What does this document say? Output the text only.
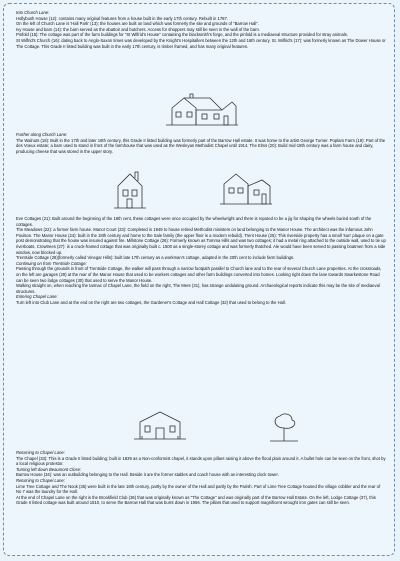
Into Church Lane:

Hollybush House (12): contains many original features from a house built in the early 17th century. Rebuilt in 1787.

On the left of Church Lane is 'Hall Park' (13); the houses are built on land which was formerly the site and grounds of "Barrow Hall".

Ivy House and barn (14): the barn served as the abattoir and butchers. Access for shoppers may still be seen in the wall of the barn.

Pinfold (15): The cottage was part of the farm buildings for "St Wilfrid's House" containing the blacksmith's forge, and the pinfold is a mediaeval structure provided for stray animals.

St Wilfrid's Church (16): dating back to Anglo-Saxon times was developed by the Knight's Hospitallers between the 12th and 16th century. St. Wilfrid's (17): was formerly known as The Dower House or The Cottage. This Grade II listed building was built in the early 17th century, is timber framed, and has many original features.

Further along Church Lane:

The Walnuts (18): Built in the 17th and later 18th century, this Grade II listed building was formerly part of the Barrow Hall estate. It was home to the artist George Turner. Poplars Farm (19): Part of the des Voeux estate; a barn used to stand in front of the farmhouse that was used as the Wesleyan Methodist Chapel until 1914. The Elms (20): Build mid-18th century was a farm house and dairy, producing cheese that was stored in the upper story.

Eve Cottages (21): Built around the beginning of the 18th cent, these cottages were once occupied by the wheelwright and there is reputed to be a jig for shaping the wheels buried south of the cottages.

The Meadows (22): a former farm house. Manor Court (23): Completed in 1949 to house retired Methodist ministers on land belonging to the Manor House. The architect was the infamous John Poulson. The Manor House (24): built in the 18th century and home to the Sale family (the upper floor is a modern rebuild). Trent House (25): This riverside property has a small 'sun' plaque on a gate post demonstrating that the house was insured against fire. Millstone Cottage (26): Formerly known as Tomma Hills and was two cottages; it had a metal ring attached to the outside wall, used to tie up riverboats. Crowtrees (27): is a cruck-framed cottage that was originally built c. 1500 as a single-storey cottage and was formerly thatched. Ale would have been served to passing boatmen from a side window, now blocked up.

Trentside Cottage (28)(formerly called Vinegar Hills): built late 17th century as a workman's cottage, adapted in the 20th cent to include farm buildings.

Continuing on from Trentside Cottage:

Passing through the grounds in front of Trentside Cottage, the walker will pass through a narrow footpath parallel to Church lane and to the rear of several Church Lane properties. At the crossroads, on the left are garages (29) at the rear of the Manor House that used to be workers cottages and other farm buildings converted into homes. Looking right down the lane towards Swarkestone Road can be seen two lodge cottages (30) that used to serve the Manor House.

Walking straight on, when reaching the tarmac of Chapel Lane, the field on the right, The Mere (31), has strange undulating ground. Archaeological reports indicate this may be the site of mediaeval structures.

Entering Chapel Lane:

Turn left into Club Lane and at the end on the right are two cottages, the Gardener's Cottage and Hall Cottage (32) that used to belong to the Hall.

Returning to Chapel Lane:

The Chapel (33): This is a Grade II listed building; built in 1839 as a Non-conformist chapel, it stands upon pillars raising it above the flood plain around it. A bullet hole can be seen on the front, shot by a local religious protestor.

Turning left down Beaumont Close:

Barrow House (34): was an outbuilding belonging to the Hall. Beside it are the former stables and coach house with an interesting clock tower.

Returning to Chapel Lane:

Lime Tree Cottage and The Nook (35) were built in the late 18th century, partly by the owner of the Hall and partly by the Parish. Part of Lime Tree Cottage housed the village cobbler and the rear of No 7 was the laundry for the Hall.

At the end of Chapel Lane on the right is the Brookfield Club (36) that was originally known as "The Cottage" and was originally part of the Barrow Hall Estate. On the left, Lodge Cottage (37), this Grade II listed cottage was built around 1810, to serve the Barrow Hall that was burnt down in 1956. The pillars that used to support magnificent wrought iron gates can still be seen.
